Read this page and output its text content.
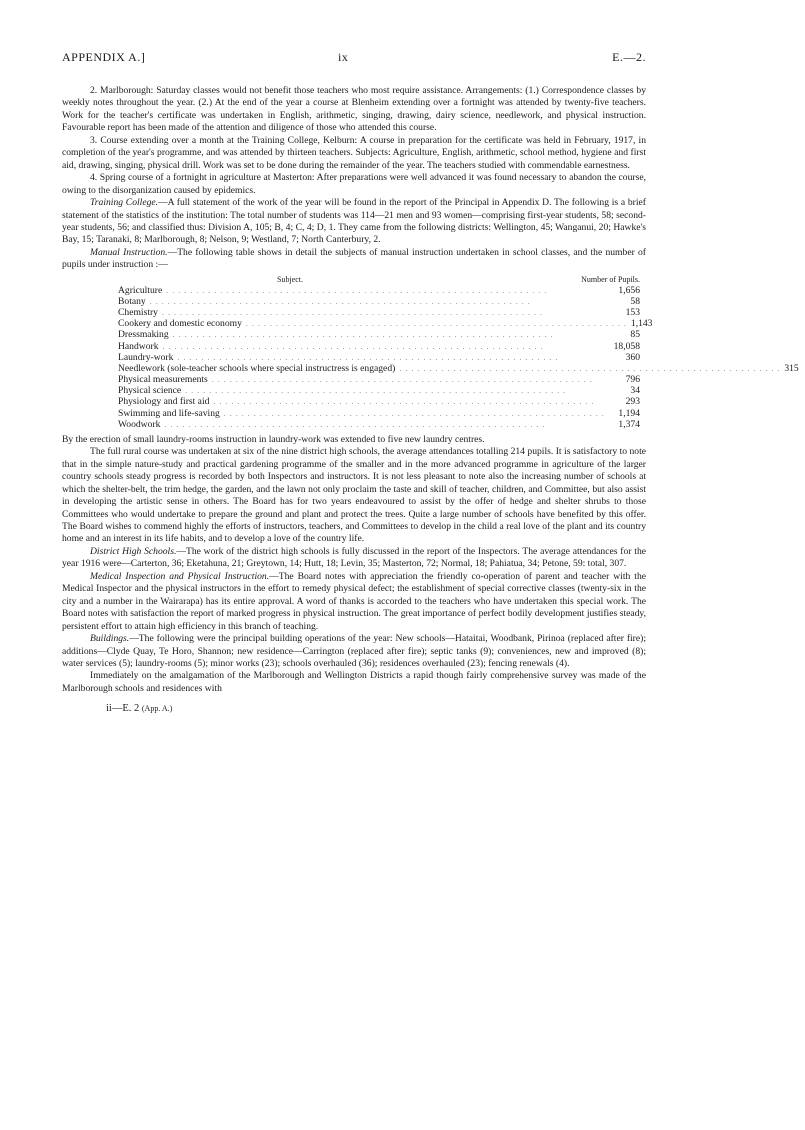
APPENDIX A.]	ix	E.—2.

2. Marlborough: Saturday classes would not benefit those teachers who most require assistance. Arrangements: (1.) Correspondence classes by weekly notes throughout the year. (2.) At the end of the year a course at Blenheim extending over a fortnight was attended by twenty-five teachers. Work for the teacher's certificate was undertaken in English, arithmetic, singing, drawing, dairy science, needlework, and physical instruction. Favourable report has been made of the attention and diligence of those who attended this course.

3. Course extending over a month at the Training College, Kelburn: A course in preparation for the certificate was held in February, 1917, in completion of the year's programme, and was attended by thirteen teachers. Subjects: Agriculture, English, arithmetic, school method, hygiene and first aid, drawing, singing, physical drill. Work was set to be done during the remainder of the year. The teachers studied with commendable earnestness.

4. Spring course of a fortnight in agriculture at Masterton: After preparations were well advanced it was found necessary to abandon the course, owing to the disorganization caused by epidemics.

Training College.—A full statement of the work of the year will be found in the report of the Principal in Appendix D. The following is a brief statement of the statistics of the institution: The total number of students was 114—21 men and 93 women—comprising first-year students, 58; second-year students, 56; and classified thus: Division A, 105; B, 4; C, 4; D, 1. They came from the following districts: Wellington, 45; Wanganui, 20; Hawke's Bay, 15; Taranaki, 8; Marlborough, 8; Nelson, 9; Westland, 7; North Canterbury, 2.

Manual Instruction.—The following table shows in detail the subjects of manual instruction undertaken in school classes, and the number of pupils under instruction :—

Subject.	Number of Pupils.
Agriculture . . . . . . . . . . . . . . . . . . . . . . . . . . . . . . . . . . . . . . . . . . . . . . . . . . . . . . . . . . . . . . . .	1,656
Botany . . . . . . . . . . . . . . . . . . . . . . . . . . . . . . . . . . . . . . . . . . . . . . . . . . . . . . . . . . . . . . . .	58
Chemistry . . . . . . . . . . . . . . . . . . . . . . . . . . . . . . . . . . . . . . . . . . . . . . . . . . . . . . . . . . . . . . . .	153
Cookery and domestic economy . . . . . . . . . . . . . . . . . . . . . . . . . . . . . . . . . . . . . . . . . . . . . . . . . . . . . . . . . . . . . . . . 1,143
Dressmaking . . . . . . . . . . . . . . . . . . . . . . . . . . . . . . . . . . . . . . . . . . . . . . . . . . . . . . . . . . . . . . . .	85
Handwork . . . . . . . . . . . . . . . . . . . . . . . . . . . . . . . . . . . . . . . . . . . . . . . . . . . . . . . . . . . . . . . .	18,058
Laundry-work . . . . . . . . . . . . . . . . . . . . . . . . . . . . . . . . . . . . . . . . . . . . . . . . . . . . . . . . . . . . . . . .	360
Needlework (sole-teacher schools where special instructress is engaged) . . . . . . . . . . . . . . . . . . . . . . . . . . . . . . . . . . . . . . . . . . . . . . . . . . . . . . . . . . . . . . . . 315
Physical measurements . . . . . . . . . . . . . . . . . . . . . . . . . . . . . . . . . . . . . . . . . . . . . . . . . . . . . . . . . . . . . . . .	796
Physical science . . . . . . . . . . . . . . . . . . . . . . . . . . . . . . . . . . . . . . . . . . . . . . . . . . . . . . . . . . . . . . . .	34
Physiology and first aid . . . . . . . . . . . . . . . . . . . . . . . . . . . . . . . . . . . . . . . . . . . . . . . . . . . . . . . . . . . . . . . .	293
Swimming and life-saving . . . . . . . . . . . . . . . . . . . . . . . . . . . . . . . . . . . . . . . . . . . . . . . . . . . . . . . . . . . . . . . .	1,194
Woodwork . . . . . . . . . . . . . . . . . . . . . . . . . . . . . . . . . . . . . . . . . . . . . . . . . . . . . . . . . . . . . . . .	1,374

By the erection of small laundry-rooms instruction in laundry-work was extended to five new laundry centres.

The full rural course was undertaken at six of the nine district high schools, the average attendances totalling 214 pupils. It is satisfactory to note that in the simple nature-study and practical gardening programme of the smaller and in the more advanced programme in agriculture of the larger country schools steady progress is recorded by both Inspectors and instructors. It is not less pleasant to note also the increasing number of schools at which the shelter-belt, the trim hedge, the garden, and the lawn not only proclaim the taste and skill of teacher, children, and Committee, but also assist in developing the artistic sense in others. The Board has for two years endeavoured to assist by the offer of hedge and shelter shrubs to those Committees who would undertake to prepare the ground and plant and protect the trees. Quite a large number of schools have benefited by this offer. The Board wishes to commend highly the efforts of instructors, teachers, and Committees to develop in the child a real love of the plant and its country home and an interest in its life habits, and to develop a love of the country life.

District High Schools.—The work of the district high schools is fully discussed in the report of the Inspectors. The average attendances for the year 1916 were—Carterton, 36; Eketahuna, 21; Greytown, 14; Hutt, 18; Levin, 35; Masterton, 72; Normal, 18; Pahiatua, 34; Petone, 59: total, 307.

Medical Inspection and Physical Instruction.—The Board notes with appreciation the friendly co-operation of parent and teacher with the Medical Inspector and the physical instructors in the effort to remedy physical defect; the establishment of special corrective classes (twenty-six in the city and a number in the Wairarapa) has its entire approval. A word of thanks is accorded to the teachers who have undertaken this special work. The Board notes with satisfaction the report of marked progress in physical instruction. The great importance of perfect bodily development justifies steady, persistent effort to attain high efficiency in this branch of teaching.

Buildings.—The following were the principal building operations of the year: New schools—Hataitai, Woodbank, Pirinoa (replaced after fire); additions—Clyde Quay, Te Horo, Shannon; new residence—Carrington (replaced after fire); septic tanks (9); conveniences, new and improved (8); water services (5); laundry-rooms (5); minor works (23); schools overhauled (36); residences overhauled (23); fencing renewals (4).

Immediately on the amalgamation of the Marlborough and Wellington Districts a rapid though fairly comprehensive survey was made of the Marlborough schools and residences with

ii—E. 2 (App. A.)
